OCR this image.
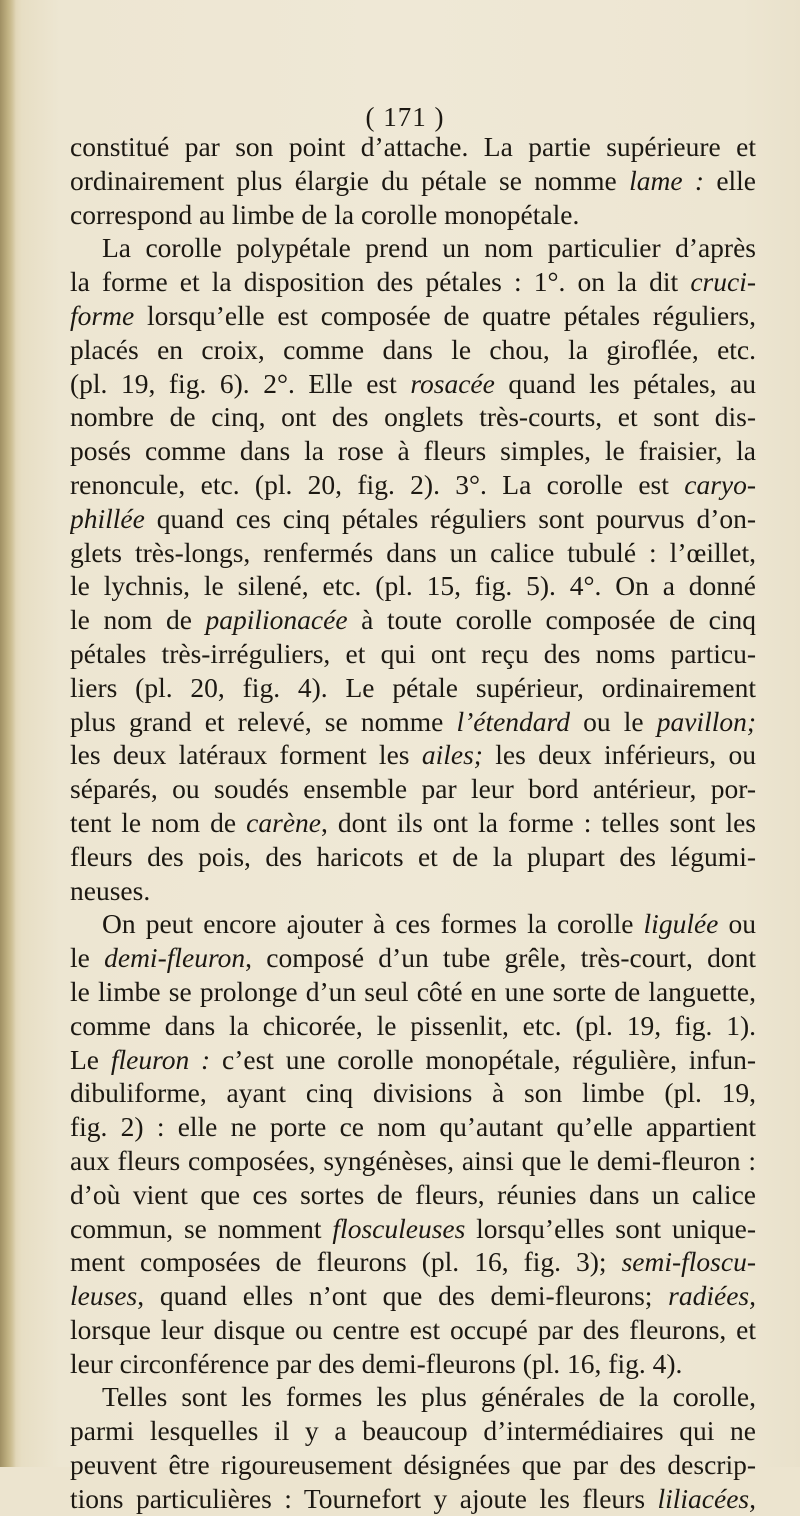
( 171 )
constitué par son point d’attache. La partie supérieure et
ordinairement plus élargie du pétale se nomme lame : elle
correspond au limbe de la corolle monopétale.
La corolle polypétale prend un nom particulier d’après
la forme et la disposition des pétales : 1°. on la dit cruci-
forme lorsqu’elle est composée de quatre pétales réguliers,
placés en croix, comme dans le chou, la giroflée, etc.
(pl. 19, fig. 6). 2°. Elle est rosacée quand les pétales, au
nombre de cinq, ont des onglets très-courts, et sont dis-
posés comme dans la rose à fleurs simples, le fraisier, la
renoncule, etc. (pl. 20, fig. 2). 3°. La corolle est caryo-
phillée quand ces cinq pétales réguliers sont pourvus d’on-
glets très-longs, renfermés dans un calice tubulé : l’œillet,
le lychnis, le silené, etc. (pl. 15, fig. 5). 4°. On a donné
le nom de papilionacée à toute corolle composée de cinq
pétales très-irréguliers, et qui ont reçu des noms particu-
liers (pl. 20, fig. 4). Le pétale supérieur, ordinairement
plus grand et relevé, se nomme l’étendard ou le pavillon;
les deux latéraux forment les ailes; les deux inférieurs, ou
séparés, ou soudés ensemble par leur bord antérieur, por-
tent le nom de carène, dont ils ont la forme : telles sont les
fleurs des pois, des haricots et de la plupart des légumi-
neuses.
On peut encore ajouter à ces formes la corolle ligulée ou
le demi-fleuron, composé d’un tube grêle, très-court, dont
le limbe se prolonge d’un seul côté en une sorte de languette,
comme dans la chicorée, le pissenlit, etc. (pl. 19, fig. 1).
Le fleuron : c’est une corolle monopétale, régulière, infun-
dibuliforme, ayant cinq divisions à son limbe (pl. 19,
fig. 2) : elle ne porte ce nom qu’autant qu’elle appartient
aux fleurs composées, syngénèses, ainsi que le demi-fleuron :
d’où vient que ces sortes de fleurs, réunies dans un calice
commun, se nomment flosculeuses lorsqu’elles sont unique-
ment composées de fleurons (pl. 16, fig. 3); semi-floscu-
leuses, quand elles n’ont que des demi-fleurons; radiées,
lorsque leur disque ou centre est occupé par des fleurons, et
leur circonférence par des demi-fleurons (pl. 16, fig. 4).
Telles sont les formes les plus générales de la corolle,
parmi lesquelles il y a beaucoup d’intermédiaires qui ne
peuvent être rigoureusement désignées que par des descrip-
tions particulières : Tournefort y ajoute les fleurs liliacées,
